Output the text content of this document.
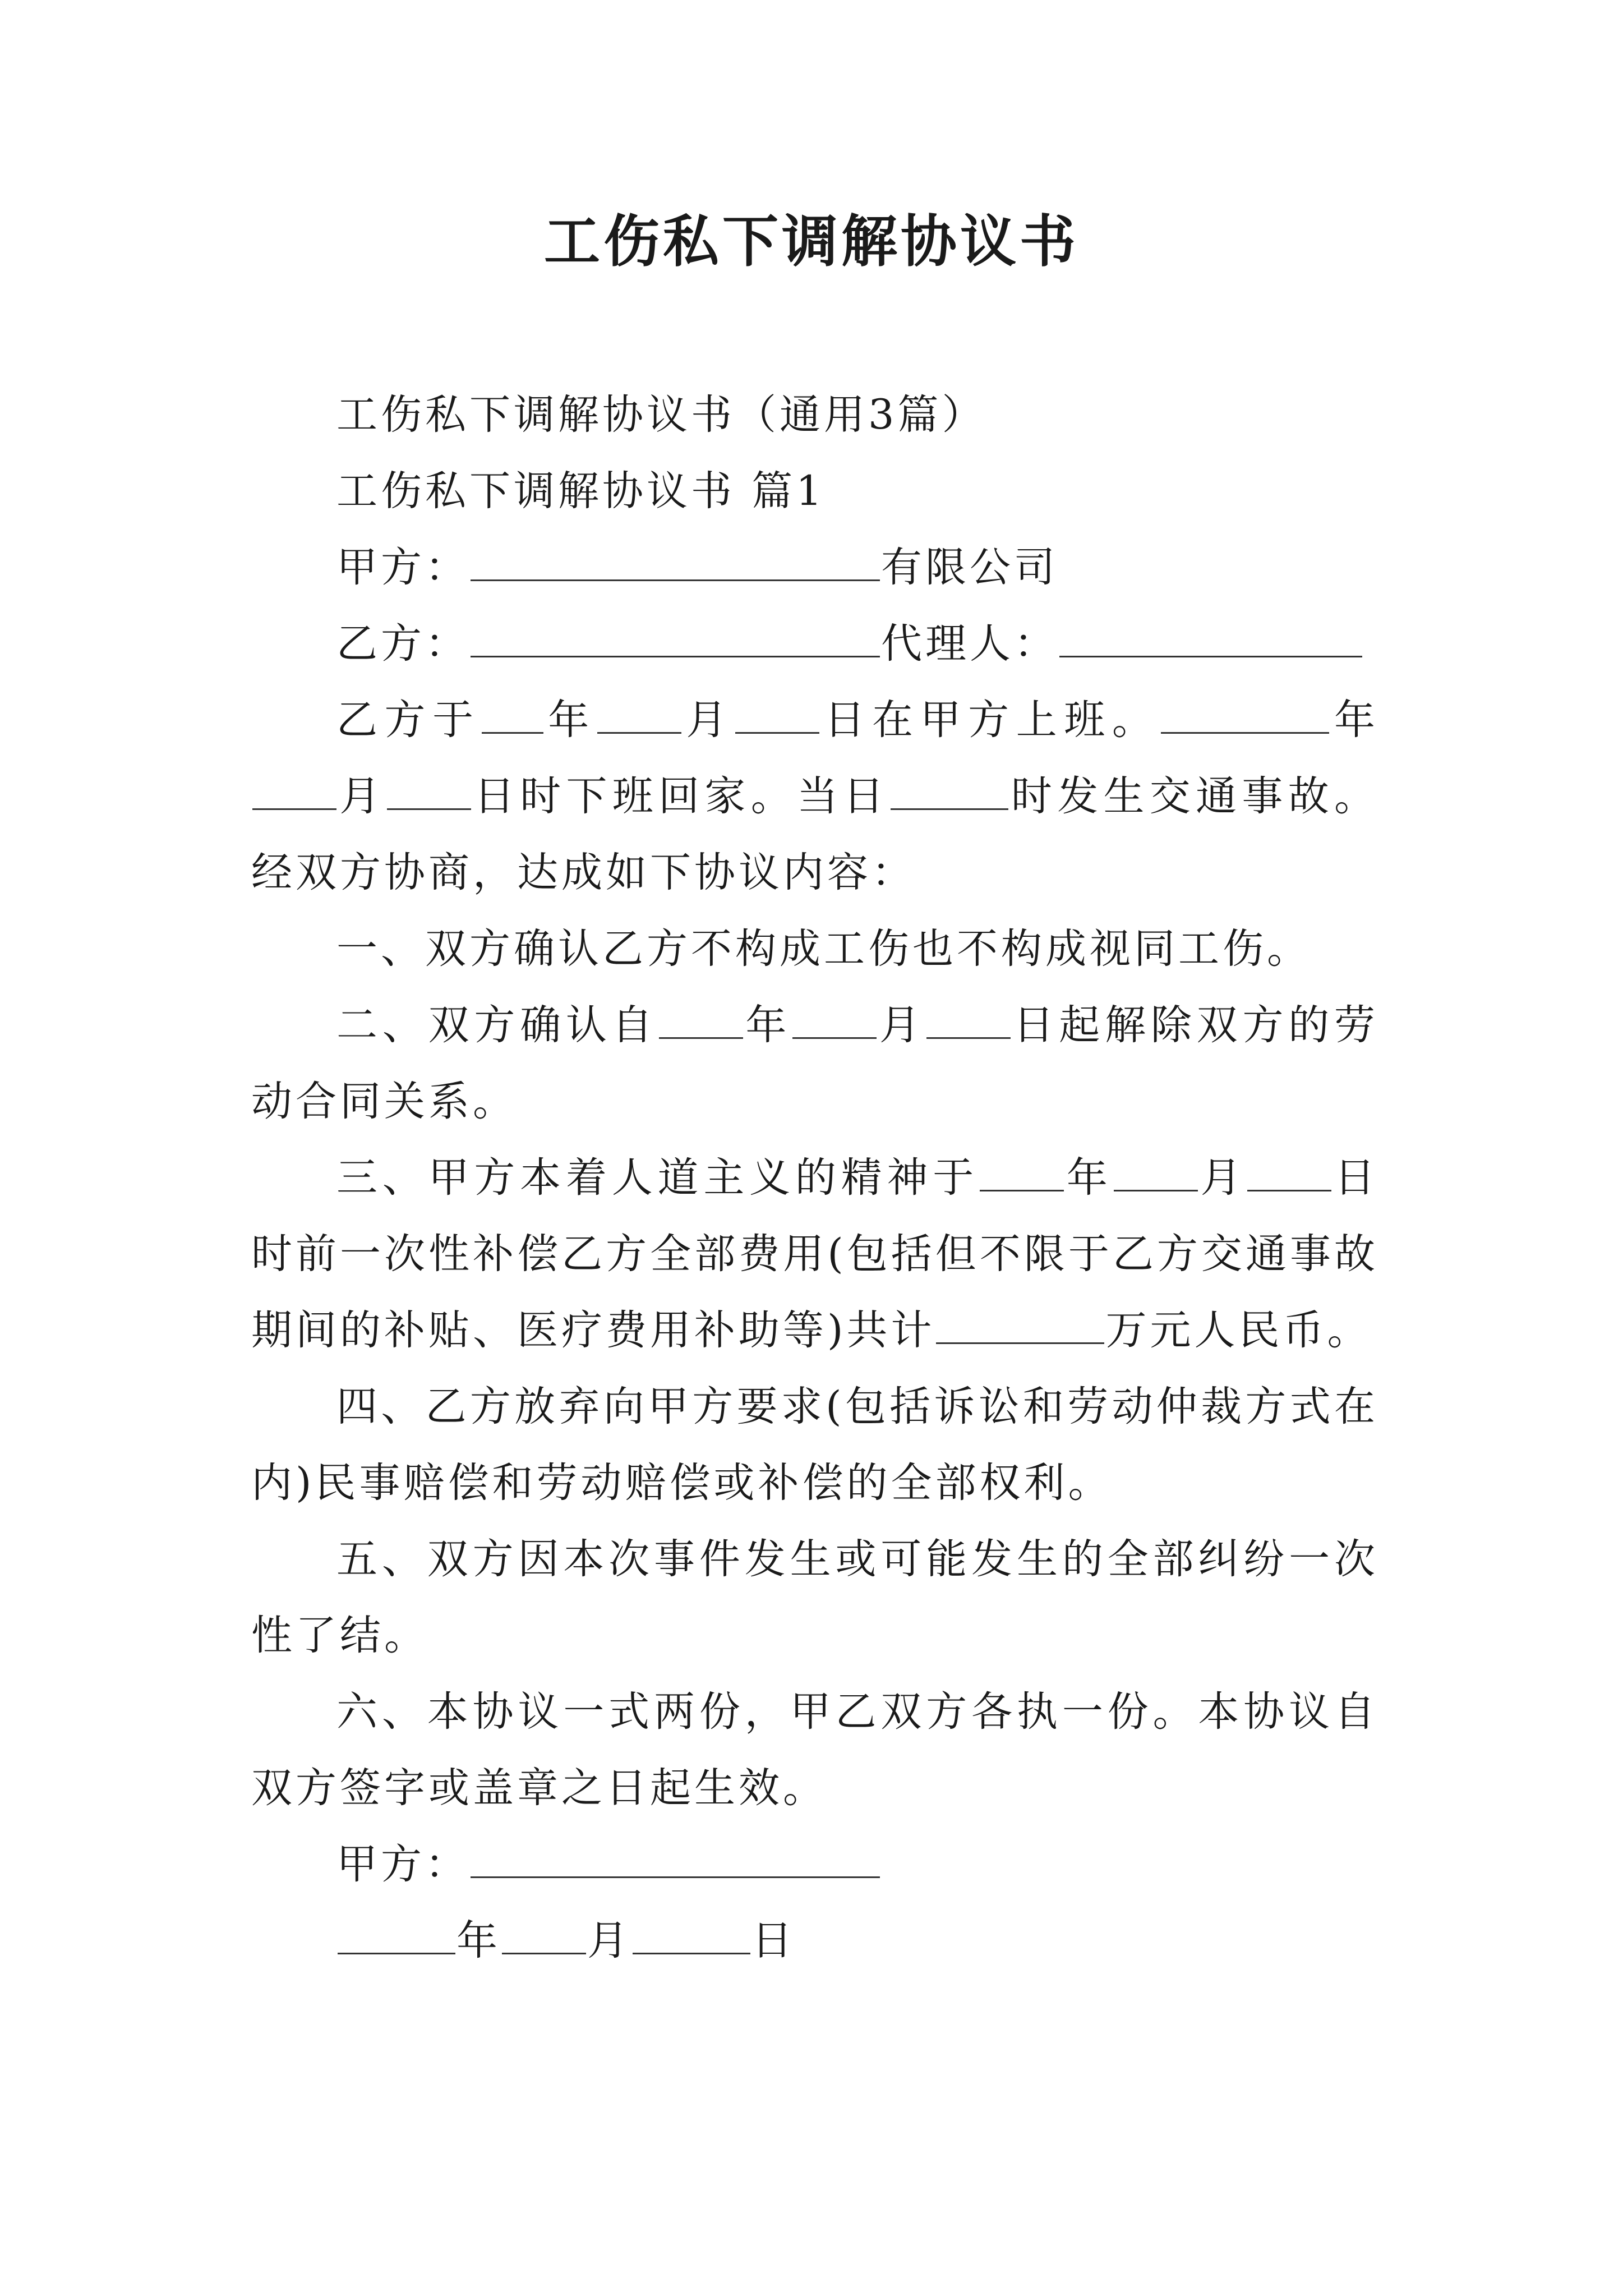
工伤私下调解协议书

工伤私下调解协议书（通用3篇）

工伤私下调解协议书 篇1

甲方：	有限公司

乙方：	代理人：

乙方于 年 月 日在甲方上班。	年月 日时下班回家。当日	时发生交通事故。经双方协商，达成如下协议内容：

一、双方确认乙方不构成工伤也不构成视同工伤。

二、双方确认自 年 月 日起解除双方的劳动合同关系。

三、甲方本着人道主义的精神于 年 月 日时前一次性补偿乙方全部费用(包括但不限于乙方交通事故期间的补贴、医疗费用补助等)共计	万元人民币。

四、乙方放弃向甲方要求(包括诉讼和劳动仲裁方式在内)民事赔偿和劳动赔偿或补偿的全部权利。

五、双方因本次事件发生或可能发生的全部纠纷一次性了结。

六、本协议一式两份，甲乙双方各执一份。本协议自双方签字或盖章之日起生效。

甲方：

年 月	日
